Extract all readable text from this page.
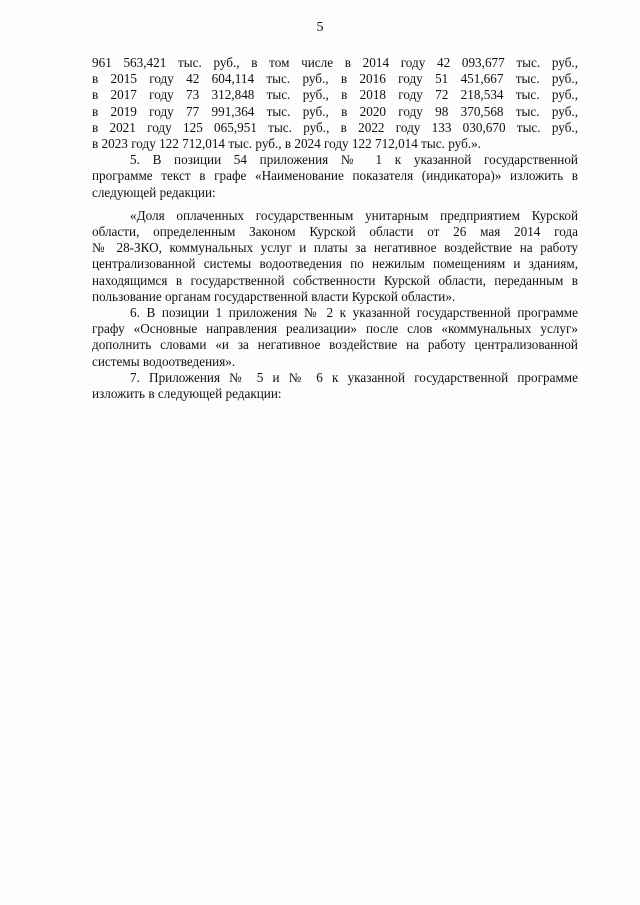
5
961 563,421 тыс. руб., в том числе в 2014 году 42 093,677 тыс. руб.,
в 2015 году 42 604,114 тыс. руб., в 2016 году 51 451,667 тыс. руб.,
в 2017 году 73 312,848 тыс. руб., в 2018 году 72 218,534 тыс. руб.,
в 2019 году 77 991,364 тыс. руб., в 2020 году 98 370,568 тыс. руб.,
в 2021 году 125 065,951 тыс. руб., в 2022 году 133 030,670 тыс. руб.,
в 2023 году 122 712,014 тыс. руб., в 2024 году 122 712,014 тыс. руб.».
5. В позиции 54 приложения № 1 к указанной государственной
программе текст в графе «Наименование показателя (индикатора)» изложить в
следующей редакции:
«Доля оплаченных государственным унитарным предприятием Курской
области, определенным Законом Курской области от 26 мая 2014 года
№ 28-ЗКО, коммунальных услуг и платы за негативное воздействие на работу
централизованной системы водоотведения по нежилым помещениям и зданиям,
находящимся в государственной собственности Курской области, переданным в
пользование органам государственной власти Курской области».
6. В позиции 1 приложения № 2 к указанной государственной программе
графу «Основные направления реализации» после слов «коммунальных услуг»
дополнить словами «и за негативное воздействие на работу централизованной
системы водоотведения».
7. Приложения № 5 и № 6 к указанной государственной программе
изложить в следующей редакции:
